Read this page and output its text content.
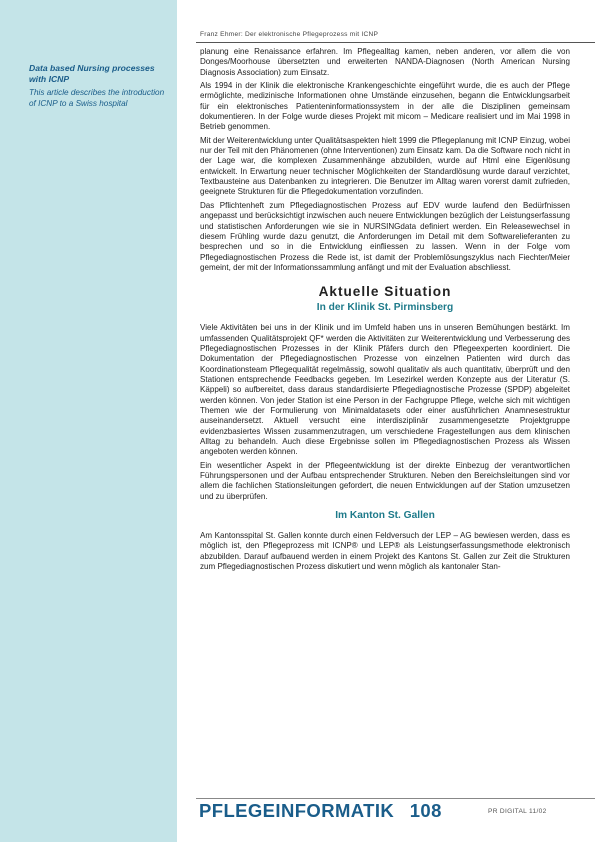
Data based Nursing processes with ICNP
This article describes the introduction of ICNP to a Swiss hospital
Franz Ehmer: Der elektronische Pflegeprozess mit ICNP

planung eine Renaissance erfahren. Im Pflegealltag kamen, neben anderen, vor allem die von Donges/Moorhouse übersetzten und erweiterten NANDA-Diagnosen (North American Nursing Diagnosis Association) zum Einsatz.

Als 1994 in der Klinik die elektronische Krankengeschichte eingeführt wurde, die es auch der Pflege ermöglichte, medizinische Informationen ohne Umstände einzusehen, begann die Entwicklungsarbeit für ein elektronisches Patienteninformationssystem in der alle die Disziplinen gemeinsam dokumentieren. In der Folge wurde dieses Projekt mit micom – Medicare realisiert und im Mai 1998 in Betrieb genommen.

Mit der Weiterentwicklung unter Qualitätsaspekten hielt 1999 die Pflegeplanung mit ICNP Einzug, wobei nur der Teil mit den Phänomenen (ohne Interventionen) zum Einsatz kam. Da die Software noch nicht in der Lage war, die komplexen Zusammenhänge abzubilden, wurde auf Html eine Eigenlösung entwickelt. In Erwartung neuer technischer Möglichkeiten der Standardlösung wurde darauf verzichtet, Textbausteine aus Datenbanken zu integrieren. Die Benutzer im Alltag waren vorerst damit zufrieden, geeignete Strukturen für die Pflegedokumentation vorzufinden.

Das Pflichtenheft zum Pflegediagnostischen Prozess auf EDV wurde laufend den Bedürfnissen angepasst und berücksichtigt inzwischen auch neuere Entwicklungen bezüglich der Leistungserfassung und statistischen Anforderungen wie sie in NURSINGdata definiert werden. Ein Releasewechsel in diesem Frühling wurde dazu genutzt, die Anforderungen im Detail mit dem Softwarelieferanten zu besprechen und so in die Entwicklung einfliessen zu lassen. Wenn in der Folge vom Pflegediagnostischen Prozess die Rede ist, ist damit der Problemlösungszyklus nach Fiechter/Meier gemeint, der mit der Informationssammlung anfängt und mit der Evaluation abschliesst.

Aktuelle Situation
In der Klinik St. Pirminsberg

Viele Aktivitäten bei uns in der Klinik und im Umfeld haben uns in unseren Bemühungen bestärkt. Im umfassenden Qualitätsprojekt QF* werden die Aktivitäten zur Weiterentwicklung und Verbesserung des Pflegediagnostischen Prozesses in der Klinik Pfäfers durch den Pflegeexperten koordiniert. Die Dokumentation der Pflegediagnostischen Prozesse von einzelnen Patienten wird durch das Koordinationsteam Pflegequalität regelmässig, sowohl qualitativ als auch quantitativ, überprüft und den Stationen entsprechende Feedbacks gegeben. Im Lesezirkel werden Konzepte aus der Literatur (S. Käppeli) so aufbereitet, dass daraus standardisierte Pflegediagnostische Prozesse (SPDP) abgeleitet werden können. Von jeder Station ist eine Person in der Fachgruppe Pflege, welche sich mit wichtigen Themen wie der Formulierung von Minimaldatasets oder einer ausführlichen Anamnesestruktur auseinandersetzt. Aktuell versucht eine interdisziplinär zusammengesetzte Projektgruppe evidenzbasiertes Wissen zusammenzutragen, um verschiedene Fragestellungen aus dem klinischen Alltag zu behandeln. Auch diese Ergebnisse sollen im Pflegediagnostischen Prozess als Wissen angeboten werden können.

Ein wesentlicher Aspekt in der Pflegeentwicklung ist der direkte Einbezug der verantwortlichen Führungspersonen und der Aufbau entsprechender Strukturen. Neben den Bereichsleitungen sind vor allem die fachlichen Stationsleitungen gefordert, die neuen Entwicklungen auf der Station umzusetzen und zu überprüfen.

Im Kanton St. Gallen

Am Kantonsspital St. Gallen konnte durch einen Feldversuch der LEP – AG bewiesen werden, dass es möglich ist, den Pflegeprozess mit ICNP® und LEP® als Leistungserfassungsmethode elektronisch abzubilden. Darauf aufbauend werden in einem Projekt des Kantons St. Gallen zur Zeit die Strukturen zum Pflegediagnostischen Prozess diskutiert und wenn möglich als kantonaler Stan-

PFLEGEINFORMATIK 108	PR DIGITAL 11/02
